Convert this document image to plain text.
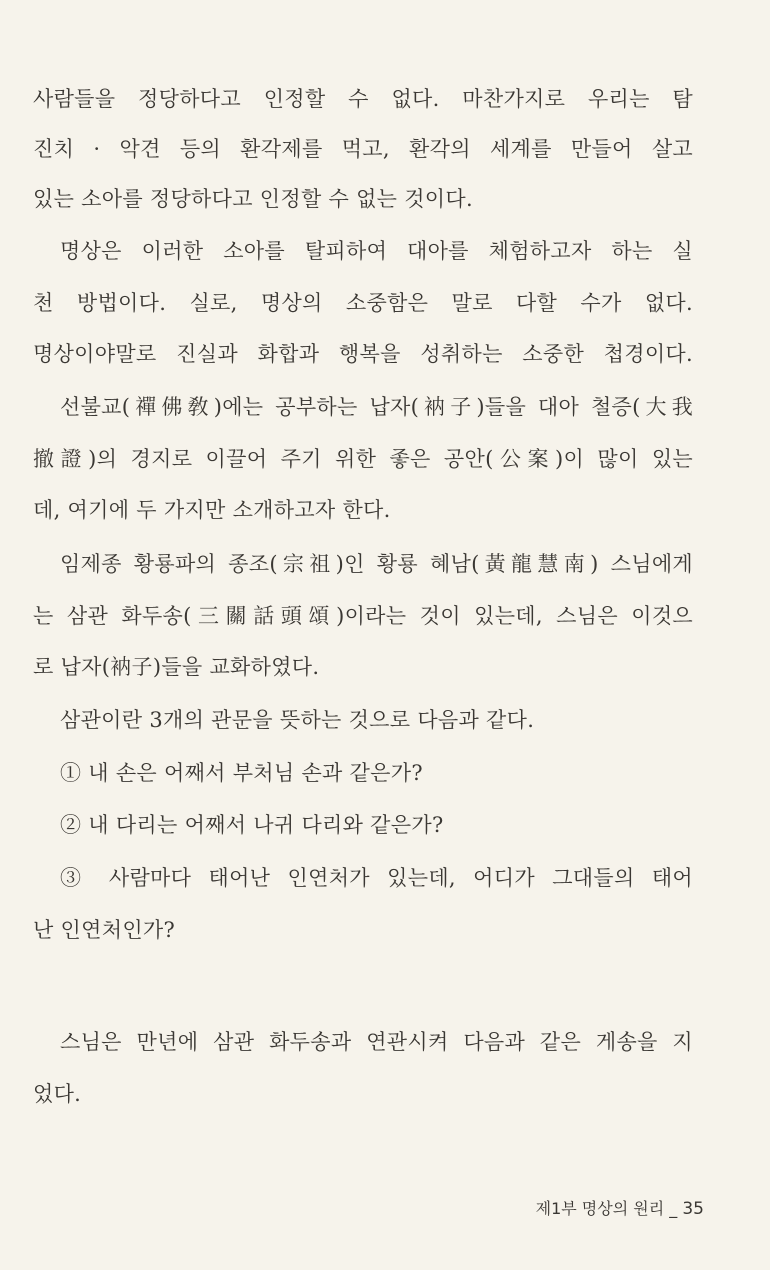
사람들을 정당하다고 인정할 수 없다. 마찬가지로 우리는 탐
진치 · 악견 등의 환각제를 먹고, 환각의 세계를 만들어 살고
있는 소아를 정당하다고 인정할 수 없는 것이다.
명상은 이러한 소아를 탈피하여 대아를 체험하고자 하는 실
천 방법이다. 실로, 명상의 소중함은 말로 다할 수가 없다.
명상이야말로 진실과 화합과 행복을 성취하는 소중한 첩경이다.
선불교(禪佛敎)에는 공부하는 납자(衲子)들을 대아 철증(大我
撤證)의 경지로 이끌어 주기 위한 좋은 공안(公案)이 많이 있는
데, 여기에 두 가지만 소개하고자 한다.
임제종 황룡파의 종조(宗祖)인 황룡 혜남(黃龍慧南) 스님에게
는 삼관 화두송(三關話頭頌)이라는 것이 있는데, 스님은 이것으
로 납자(衲子)들을 교화하였다.
삼관이란 3개의 관문을 뜻하는 것으로 다음과 같다.
① 내 손은 어째서 부처님 손과 같은가?
② 내 다리는 어째서 나귀 다리와 같은가?
③ 사람마다 태어난 인연처가 있는데, 어디가 그대들의 태어
난 인연처인가?
스님은 만년에 삼관 화두송과 연관시켜 다음과 같은 게송을 지
었다.
제1부 명상의 원리 _ 35
